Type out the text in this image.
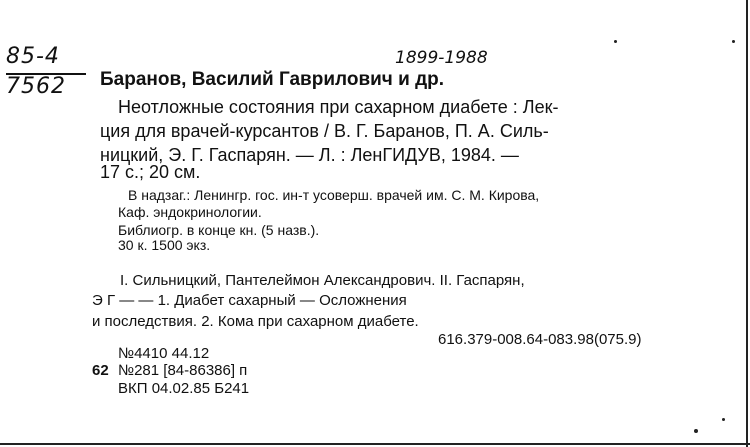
85-4
7562
1899-1988
Баранов, Василий Гаврилович и др.
Неотложные состояния при сахарном диабете : Лек-
ция для врачей-курсантов / В. Г. Баранов, П. А. Силь-
ницкий, Э. Г. Гаспарян. — Л. : ЛенГИДУВ, 1984. —
17 с.; 20 см.
В надзаг.: Ленингр. гос. ин-т усоверш. врачей им. С. М. Кирова,
Каф. эндокринологии.
Библиогр. в конце кн. (5 назв.).
30 к. 1500 экз.
I. Сильницкий, Пантелеймон Александрович. II. Гаспарян,
Э Г — — 1. Диабет сахарный — Осложнения
и последствия. 2. Кома при сахарном диабете.
616.379-008.64-083.98(075.9)
№4410 44.12
62 №281 [84-86386] п
ВКП 04.02.85 Б241
